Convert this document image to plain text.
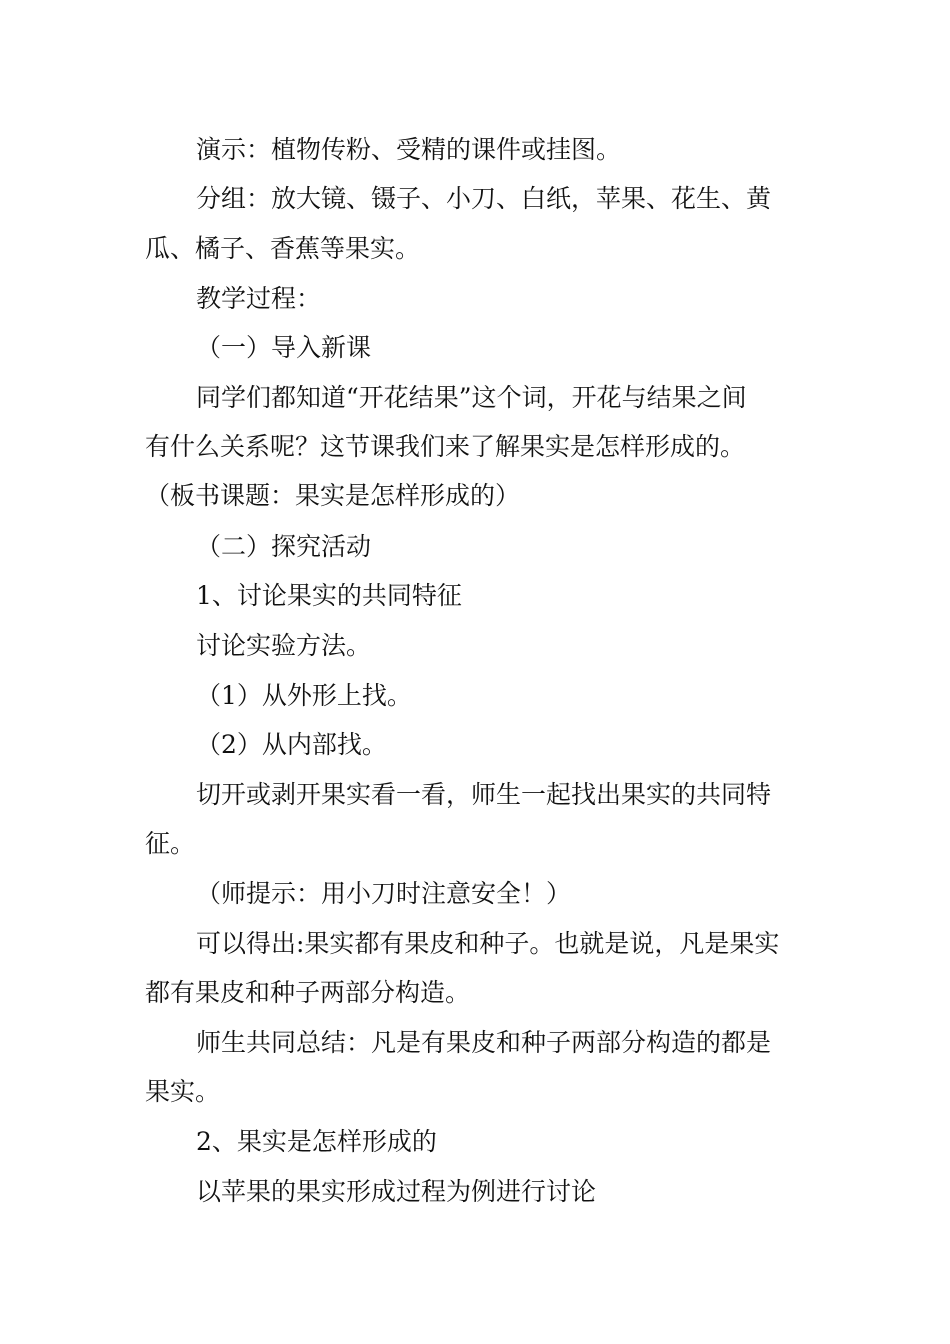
演示：植物传粉、受精的课件或挂图。
分组：放大镜、镊子、小刀、白纸，苹果、花生、黄
瓜、橘子、香蕉等果实。
教学过程：
（一）导入新课
同学们都知道“开花结果”这个词，开花与结果之间
有什么关系呢？这节课我们来了解果实是怎样形成的。
（板书课题：果实是怎样形成的）
（二）探究活动
1、讨论果实的共同特征
讨论实验方法。
（1）从外形上找。
（2）从内部找。
切开或剥开果实看一看，师生一起找出果实的共同特
征。
（师提示：用小刀时注意安全！）
可以得出:果实都有果皮和种子。也就是说，凡是果实
都有果皮和种子两部分构造。
师生共同总结：凡是有果皮和种子两部分构造的都是
果实。
2、果实是怎样形成的
以苹果的果实形成过程为例进行讨论
